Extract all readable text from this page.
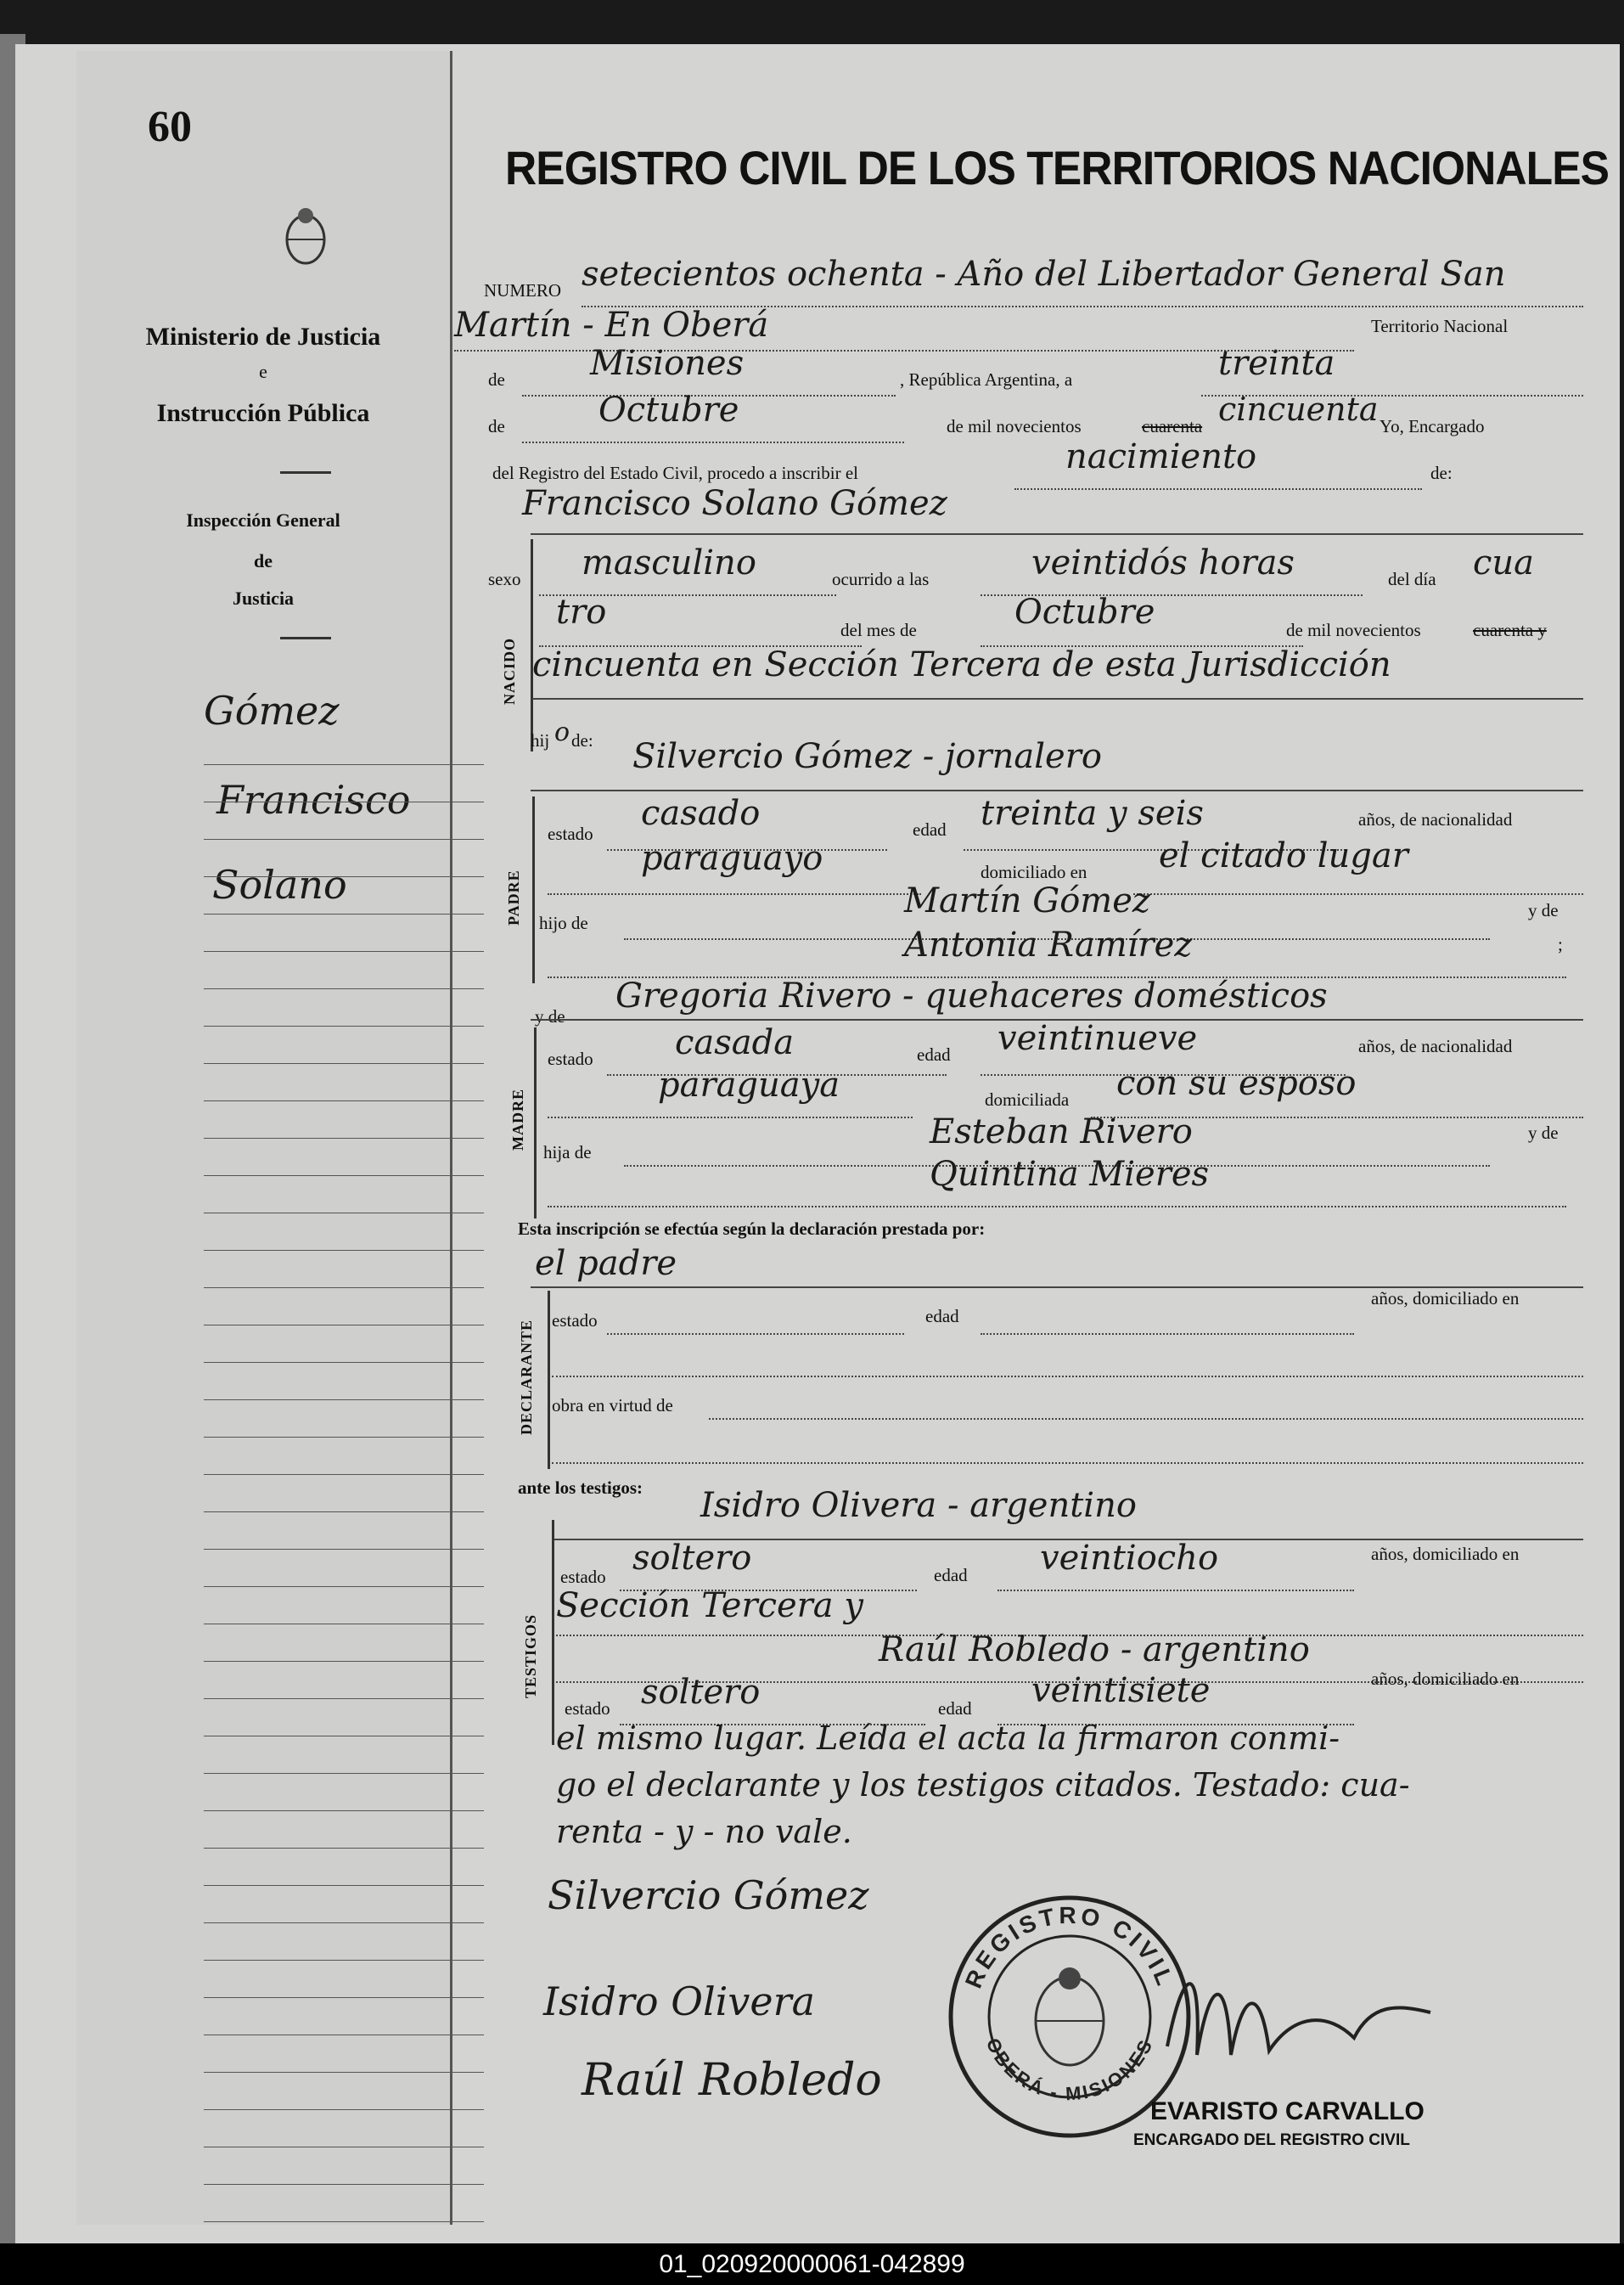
60
Ministerio de Justicia
e
Instrucción Pública
Inspección General
de
Justicia
Gómez
Francisco
Solano
REGISTRO CIVIL DE LOS TERRITORIOS NACIONALES
NUMERO setecientos ochenta - Año del Libertador General San
Martín - En Oberá	Territorio Nacional
de	Misiones	, República Argentina, a	treinta
de	Octubre	de mil novecientos	cuarenta cincuenta Yo, Encargado
del Registro del Estado Civil, procedo a inscribir el	nacimiento	de:
Francisco Solano Gómez
NACIDO
sexo masculino	ocurrido a las	veintidós horas	del día cua
tro	del mes de	Octubre	de mil novecientos	cuarenta y
cincuenta en Sección Tercera de esta Jurisdicción
hij o de: Silvercio Gómez - jornalero
PADRE
estado
casado	edad treinta y seis	años, de nacionalidad
paraguayo	domiciliado en el citado lugar
hijo de
Martín Gómez	y de
Antonia Ramírez	;
y de
Gregoria Rivero - quehaceres domésticos
MADRE
estado casada	edad veintinueve	años, de nacionalidad
paraguaya	domiciliada con su esposo
hija de
Esteban Rivero	y de
Quintina Mieres
Esta inscripción se efectúa según la declaración prestada por:
el padre
DECLARANTE estado	edad
años, domiciliado en
obra en virtud de
ante los testigos: Isidro Olivera - argentino
TESTIGOS
estado soltero	edad veintiocho	años, domiciliado en
Sección Tercera y
Raúl Robledo - argentino
estado soltero	edad veintisiete	años, domiciliado en
el mismo lugar. Leída el acta la firmaron conmi-
go el declarante y los testigos citados. Testado: cua-
renta - y - no vale.
Silvercio Gómez
Isidro Olivera
Raúl Robledo
REGISTRO CIVIL
OBERÁ - MISIONES
EVARISTO CARVALLO
ENCARGADO DEL REGISTRO CIVIL
01_020920000061-042899
